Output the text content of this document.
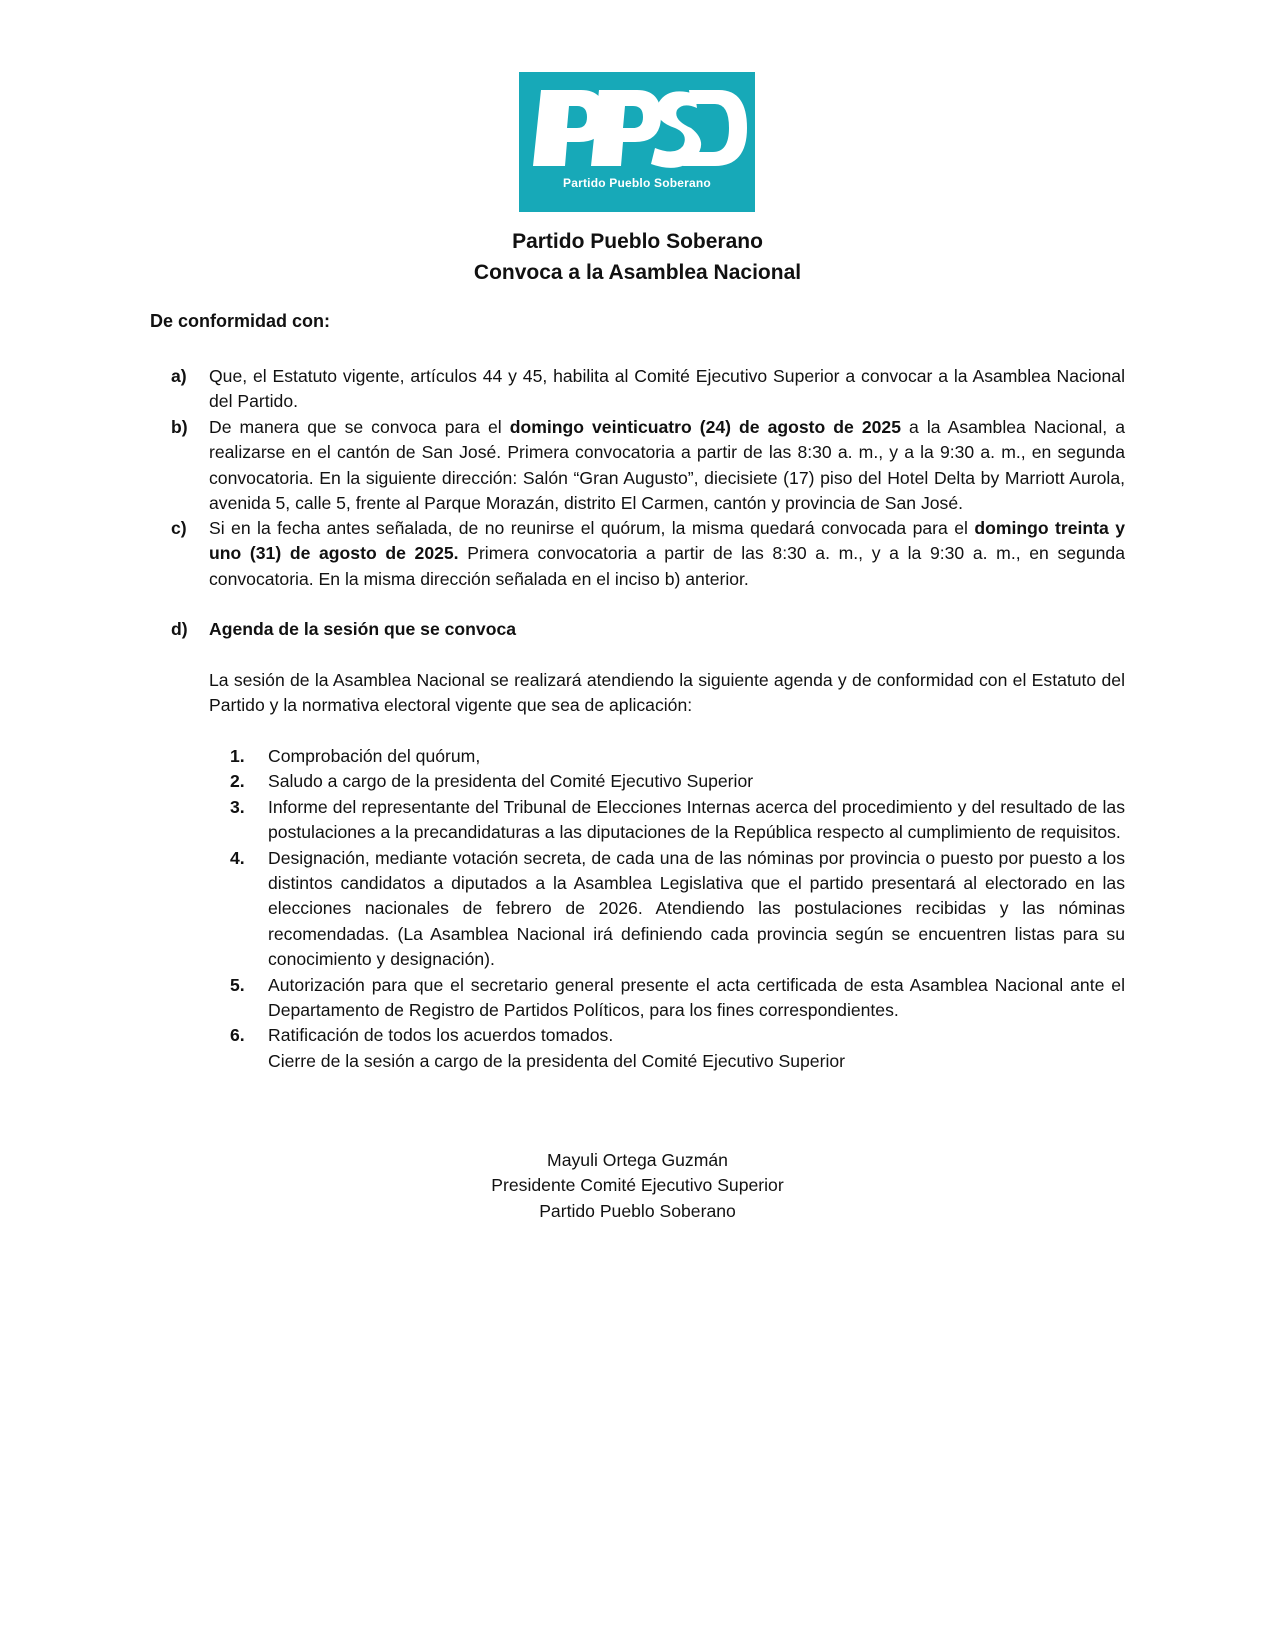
Partido Pueblo Soberano
Partido Pueblo Soberano
Convoca a la Asamblea Nacional
De conformidad con:
a) Que, el Estatuto vigente, artículos 44 y 45, habilita al Comité Ejecutivo Superior a convocar a la Asamblea Nacional del Partido.
b) De manera que se convoca para el domingo veinticuatro (24) de agosto de 2025 a la Asamblea Nacional, a realizarse en el cantón de San José. Primera convocatoria a partir de las 8:30 a. m., y a la 9:30 a. m., en segunda convocatoria. En la siguiente dirección: Salón “Gran Augusto”, diecisiete (17) piso del Hotel Delta by Marriott Aurola, avenida 5, calle 5, frente al Parque Morazán, distrito El Carmen, cantón y provincia de San José.
c) Si en la fecha antes señalada, de no reunirse el quórum, la misma quedará convocada para el domingo treinta y uno (31) de agosto de 2025. Primera convocatoria a partir de las 8:30 a. m., y a la 9:30 a. m., en segunda convocatoria. En la misma dirección señalada en el inciso b) anterior.
d) Agenda de la sesión que se convoca
La sesión de la Asamblea Nacional se realizará atendiendo la siguiente agenda y de conformidad con el Estatuto del Partido y la normativa electoral vigente que sea de aplicación:
1. Comprobación del quórum,
2. Saludo a cargo de la presidenta del Comité Ejecutivo Superior
3. Informe del representante del Tribunal de Elecciones Internas acerca del procedimiento y del resultado de las postulaciones a la precandidaturas a las diputaciones de la República respecto al cumplimiento de requisitos.
4. Designación, mediante votación secreta, de cada una de las nóminas por provincia o puesto por puesto a los distintos candidatos a diputados a la Asamblea Legislativa que el partido presentará al electorado en las elecciones nacionales de febrero de 2026. Atendiendo las postulaciones recibidas y las nóminas recomendadas. (La Asamblea Nacional irá definiendo cada provincia según se encuentren listas para su conocimiento y designación).
5. Autorización para que el secretario general presente el acta certificada de esta Asamblea Nacional ante el Departamento de Registro de Partidos Políticos, para los fines correspondientes.
6. Ratificación de todos los acuerdos tomados.
Cierre de la sesión a cargo de la presidenta del Comité Ejecutivo Superior
Mayuli Ortega Guzmán
Presidente Comité Ejecutivo Superior
Partido Pueblo Soberano
